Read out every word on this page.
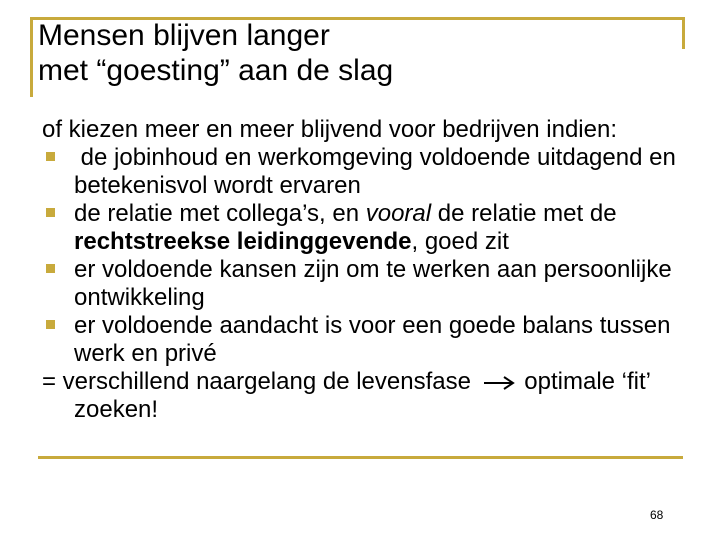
Mensen blijven langer
met “goesting” aan de slag

of kiezen meer en meer blijvend voor bedrijven indien:

de jobinhoud en werkomgeving voldoende uitdagend en betekenisvol wordt ervaren

de relatie met collega’s, en vooral de relatie met de rechtstreekse leidinggevende, goed zit

er voldoende kansen zijn om te werken aan persoonlijke ontwikkeling

er voldoende aandacht is voor een goede balans tussen werk en privé

= verschillend naargelang de levensfase optimale ‘fit’ zoeken!

68
